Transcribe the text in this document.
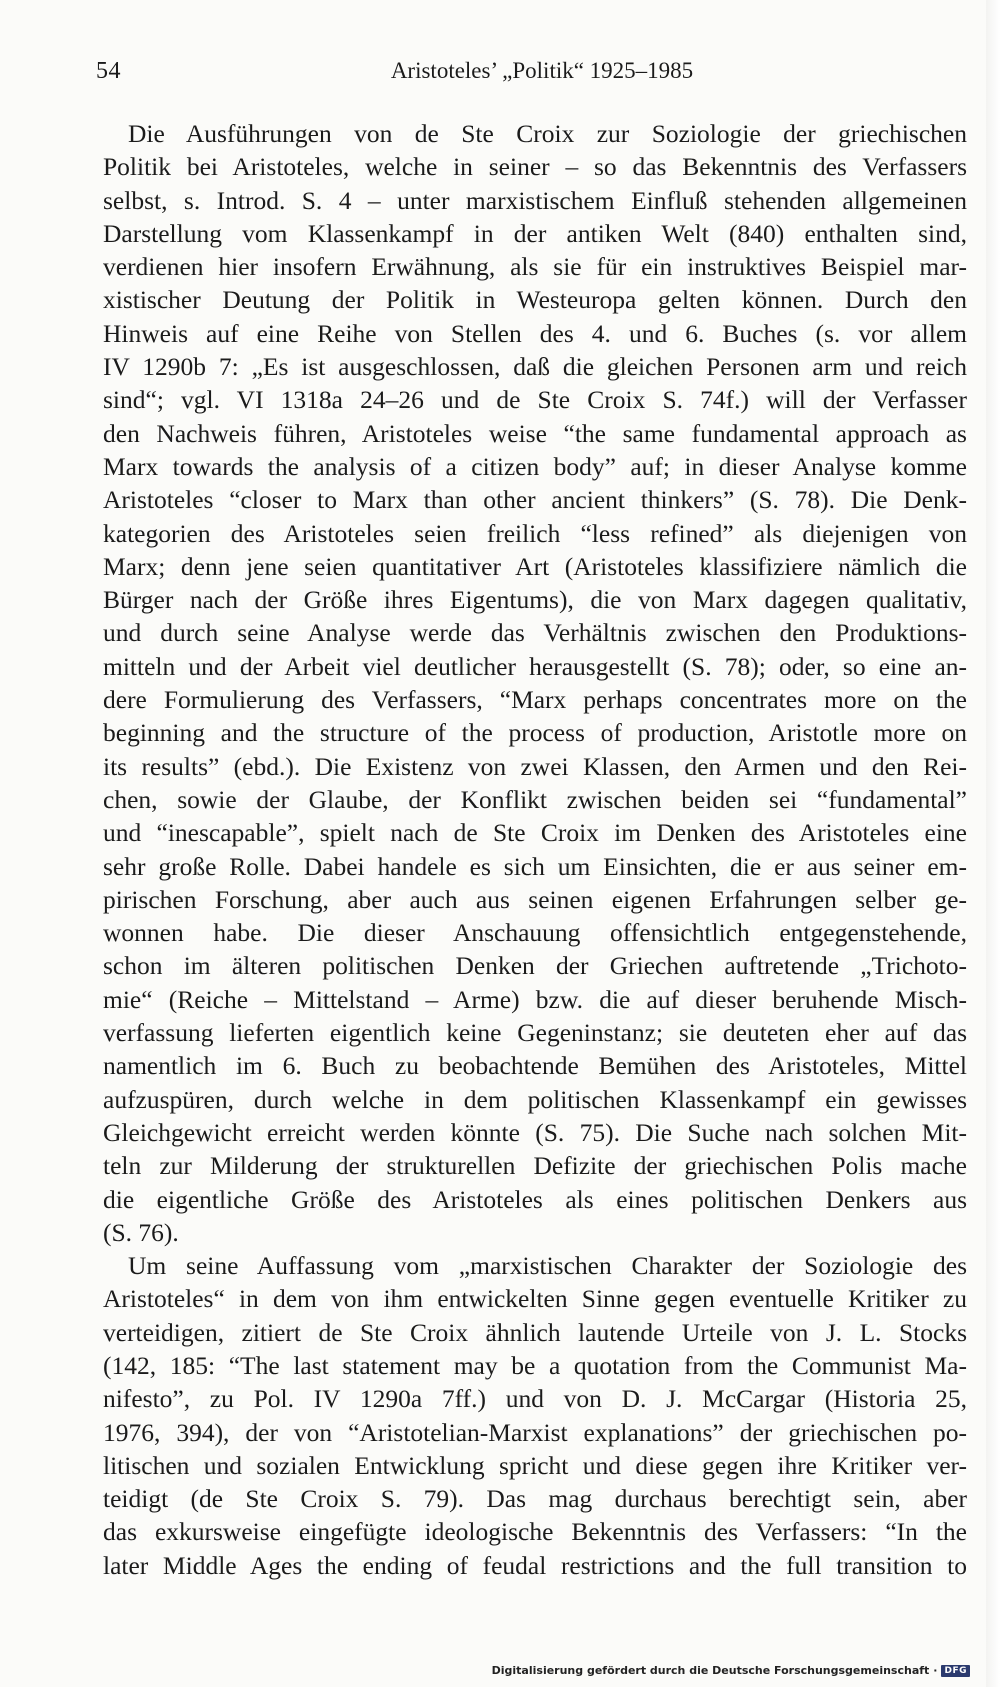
54	Aristoteles’ „Politik“ 1925–1985
Die Ausführungen von de Ste Croix zur Soziologie der griechischen
Politik bei Aristoteles, welche in seiner – so das Bekenntnis des Verfassers
selbst, s. Introd. S. 4 – unter marxistischem Einfluß stehenden allgemeinen
Darstellung vom Klassenkampf in der antiken Welt (840) enthalten sind,
verdienen hier insofern Erwähnung, als sie für ein instruktives Beispiel mar-
xistischer Deutung der Politik in Westeuropa gelten können. Durch den
Hinweis auf eine Reihe von Stellen des 4. und 6. Buches (s. vor allem
IV 1290b 7: „Es ist ausgeschlossen, daß die gleichen Personen arm und reich
sind“; vgl. VI 1318a 24–26 und de Ste Croix S. 74f.) will der Verfasser
den Nachweis führen, Aristoteles weise “the same fundamental approach as
Marx towards the analysis of a citizen body” auf; in dieser Analyse komme
Aristoteles “closer to Marx than other ancient thinkers” (S. 78). Die Denk-
kategorien des Aristoteles seien freilich “less refined” als diejenigen von
Marx; denn jene seien quantitativer Art (Aristoteles klassifiziere nämlich die
Bürger nach der Größe ihres Eigentums), die von Marx dagegen qualitativ,
und durch seine Analyse werde das Verhältnis zwischen den Produktions-
mitteln und der Arbeit viel deutlicher herausgestellt (S. 78); oder, so eine an-
dere Formulierung des Verfassers, “Marx perhaps concentrates more on the
beginning and the structure of the process of production, Aristotle more on
its results” (ebd.). Die Existenz von zwei Klassen, den Armen und den Rei-
chen, sowie der Glaube, der Konflikt zwischen beiden sei “fundamental”
und “inescapable”, spielt nach de Ste Croix im Denken des Aristoteles eine
sehr große Rolle. Dabei handele es sich um Einsichten, die er aus seiner em-
pirischen Forschung, aber auch aus seinen eigenen Erfahrungen selber ge-
wonnen habe. Die dieser Anschauung offensichtlich entgegenstehende,
schon im älteren politischen Denken der Griechen auftretende „Trichoto-
mie“ (Reiche – Mittelstand – Arme) bzw. die auf dieser beruhende Misch-
verfassung lieferten eigentlich keine Gegeninstanz; sie deuteten eher auf das
namentlich im 6. Buch zu beobachtende Bemühen des Aristoteles, Mittel
aufzuspüren, durch welche in dem politischen Klassenkampf ein gewisses
Gleichgewicht erreicht werden könnte (S. 75). Die Suche nach solchen Mit-
teln zur Milderung der strukturellen Defizite der griechischen Polis mache
die eigentliche Größe des Aristoteles als eines politischen Denkers aus
(S. 76).
Um seine Auffassung vom „marxistischen Charakter der Soziologie des
Aristoteles“ in dem von ihm entwickelten Sinne gegen eventuelle Kritiker zu
verteidigen, zitiert de Ste Croix ähnlich lautende Urteile von J. L. Stocks
(142, 185: “The last statement may be a quotation from the Communist Ma-
nifesto”, zu Pol. IV 1290a 7ff.) und von D. J. McCargar (Historia 25,
1976, 394), der von “Aristotelian-Marxist explanations” der griechischen po-
litischen und sozialen Entwicklung spricht und diese gegen ihre Kritiker ver-
teidigt (de Ste Croix S. 79). Das mag durchaus berechtigt sein, aber
das exkursweise eingefügte ideologische Bekenntnis des Verfassers: “In the
later Middle Ages the ending of feudal restrictions and the full transition to
Digitalisierung gefördert durch die Deutsche Forschungsgemeinschaft · DFG
